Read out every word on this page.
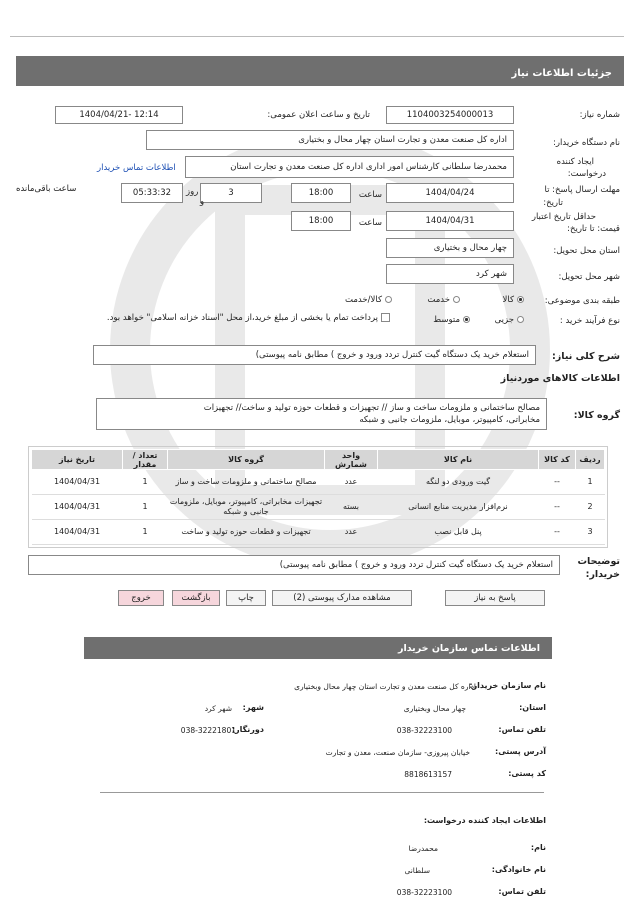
جزئیات اطلاعات نیاز
شماره نیاز:
1104003254000013
تاریخ و ساعت اعلان عمومی:
1404/04/21- 12:14
نام دستگاه خریدار:
اداره کل صنعت معدن و تجارت استان چهار محال و بختیاری
ایجاد کننده
درخواست:
محمدرضا سلطانی کارشناس امور اداری اداره کل صنعت معدن و تجارت استان
اطلاعات تماس خریدار
مهلت ارسال پاسخ: تا
تاریخ:
1404/04/24
ساعت
18:00
3
روز
و
05:33:32
ساعت باقی‌مانده
حداقل تاریخ اعتبار
قیمت: تا تاریخ:
1404/04/31
ساعت
18:00
استان محل تحویل:
چهار محال و بختیاری
شهر محل تحویل:
شهر کرد
طبقه بندی موضوعی:
کالا
خدمت
کالا/خدمت
نوع فرآیند خرید :
جزیی
متوسط
پرداخت تمام یا بخشی از مبلغ خرید،از محل "اسناد خزانه اسلامی" خواهد بود.
شرح کلی نیاز:
استعلام خرید یک دستگاه گیت کنترل تردد ورود و خروج ) مطابق نامه پیوستی)
اطلاعات کالاهای موردنیاز
گروه کالا:
مصالح ساختمانی و ملزومات ساخت و ساز // تجهیزات و قطعات حوزه تولید و ساخت// تجهیزات
مخابراتی، کامپیوتر، موبایل، ملزومات جانبی و شبکه
ردیف	کد کالا	نام کالا	واحد شمارش	گروه کالا	تعداد / مقدار	تاریخ نیاز
1	--	گیت ورودی دو لنگه	عدد	مصالح ساختمانی و ملزومات ساخت و ساز	1	1404/04/31
2	--	نرم‌افزار مدیریت منابع انسانی	بسته	تجهیزات مخابراتی، کامپیوتر، موبایل، ملزومات جانبی و شبکه	1	1404/04/31
3	--	پنل قابل نصب	عدد	تجهیزات و قطعات حوزه تولید و ساخت	1	1404/04/31
توضیحات
خریدار:
استعلام خرید یک دستگاه گیت کنترل تردد ورود و خروج ) مطابق نامه پیوستی)
پاسخ به نیاز
مشاهده مدارک پیوستی (2)
چاپ
بازگشت
خروج
اطلاعات تماس سازمان خریدار
نام سازمان خریدار:
اداره کل صنعت معدن و تجارت استان چهار محال وبختیاری
استان:
چهار محال وبختیاری
شهر:
شهر کرد
تلفن تماس:
038-32223100
دورنگار:
038-32221801
آدرس پستی:
خیابان پیروزی- سازمان صنعت، معدن و تجارت
کد پستی:
8818613157
اطلاعات ایجاد کننده درخواست:
نام:
محمدرضا
نام خانوادگی:
سلطانی
تلفن تماس:
038-32223100
